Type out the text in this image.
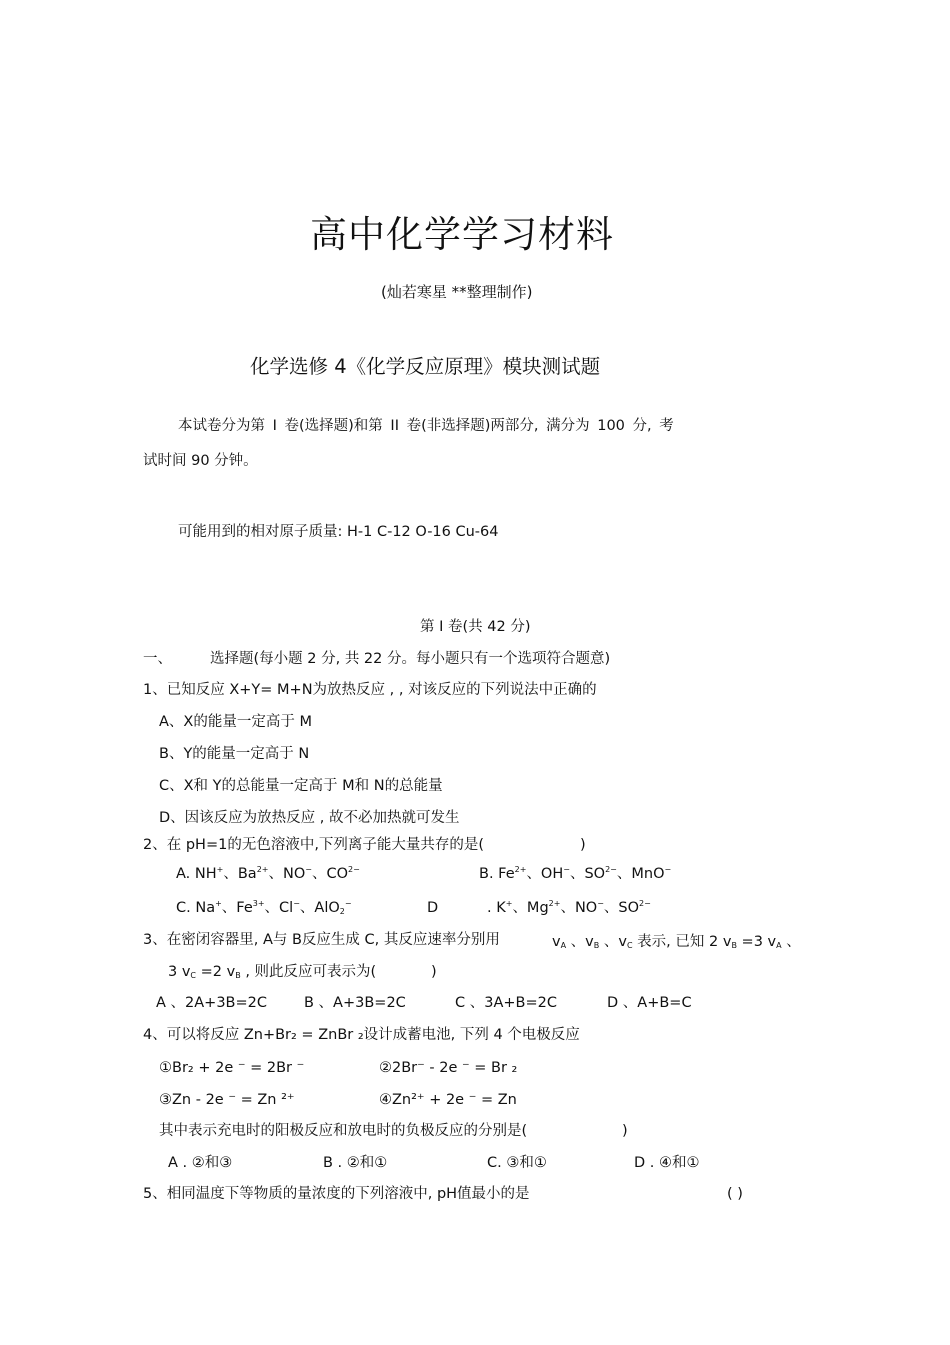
高中化学学习材料
(灿若寒星 **整理制作)
化学选修 4《化学反应原理》模块测试题
本试卷分为第 I 卷(选择题)和第 II 卷(非选择题)两部分, 满分为 100 分, 考
试时间 90 分钟。
可能用到的相对原子质量: H-1 C-12 O-16 Cu-64
第 I 卷(共 42 分)
一、	选择题(每小题 2 分, 共 22 分。每小题只有一个选项符合题意)
1、已知反应 X+Y= M+N为放热反应 , , 对该反应的下列说法中正确的
A、X的能量一定高于 M
B、Y的能量一定高于 N
C、X和 Y的总能量一定高于 M和 N的总能量
D、因该反应为放热反应 , 故不必加热就可发生
2、在 pH=1的无色溶液中,下列离子能大量共存的是(	)
A. NH+、$Ba^{2+}$、NO−、$CO^{2-}$	B. $Fe^{2+}$、OH−、$SO^{2-}$、MnO−
C. Na+、$Fe^{3+}$、Cl−、AlO$_2$−	D	. K+、$Mg^{2+}$、NO−、$SO^{2-}$
3、在密闭容器里, A与 B反应生成 C, 其反应速率分别用	$v_A$ 、$v_B$ 、$v_C$ 表示, 已知 2 $v_B =3$ $v_A$ 、
3 $v_C =2$ $v_B$ , 则此反应可表示为(	)
A 、2A+3B=2C	B 、A+3B=2C	C 、3A+B=2C	D 、A+B=C
4、可以将反应 Zn+Br₂ = ZnBr ₂设计成蓄电池, 下列 4 个电极反应
①Br₂ + 2e ⁻ = 2Br ⁻	②2Br⁻ - 2e ⁻ = Br ₂
③Zn - 2e ⁻ = Zn ²⁺	④Zn²⁺ + 2e ⁻ = Zn
其中表示充电时的阳极反应和放电时的负极反应的分别是(	)
A . ②和③	B . ②和①	C. ③和①	D . ④和①
5、相同温度下等物质的量浓度的下列溶液中, pH值最小的是	( )
